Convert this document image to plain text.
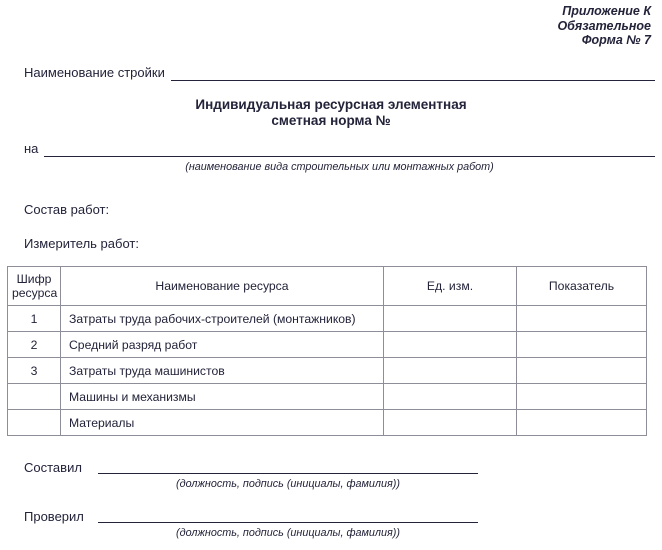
Приложение К
Обязательное
Форма № 7
Наименование стройки
Индивидуальная ресурсная элементная
сметная норма №
на
(наименование вида строительных или монтажных работ)
Состав работ:
Измеритель работ:
Шифр ресурса	Наименование ресурса	Ед. изм.	Показатель
1	Затраты труда рабочих-строителей (монтажников)		
2	Средний разряд работ		
3	Затраты труда машинистов		
	Машины и механизмы		
	Материалы		
Составил
(должность, подпись (инициалы, фамилия))
Проверил
(должность, подпись (инициалы, фамилия))
